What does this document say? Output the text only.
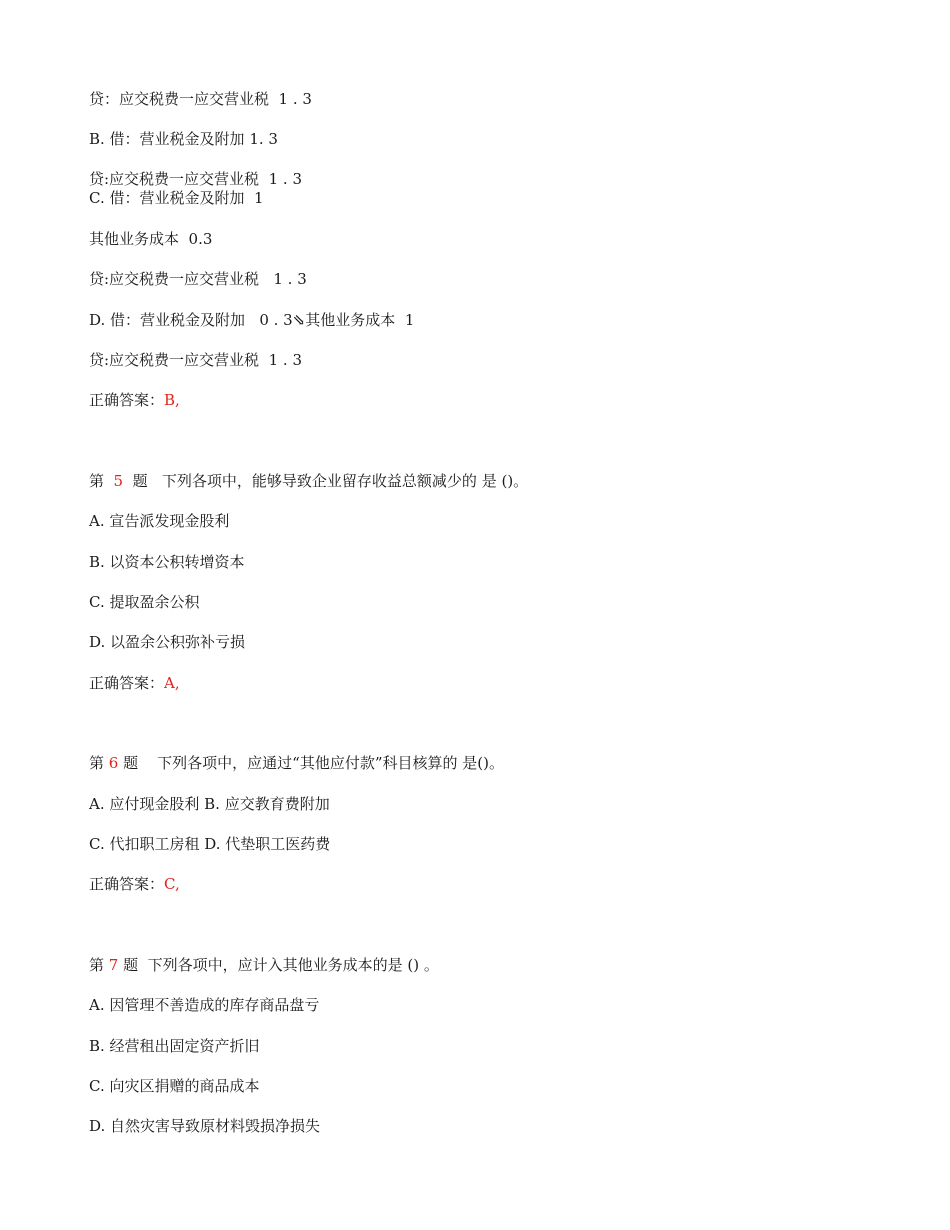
贷：应交税费一应交营业税  1 . 3
B. 借：营业税金及附加 1. 3
贷:应交税费一应交营业税  1 . 3
C. 借：营业税金及附加  1
其他业务成本  0.3
贷:应交税费一应交营业税   1 . 3
D. 借：营业税金及附加   0 . 3⇘其他业务成本  1
贷:应交税费一应交营业税  1 . 3
正确答案：B,
第  5  题   下列各项中，能够导致企业留存收益总额减少的 是 ()。
A. 宣告派发现金股利
B. 以资本公积转增资本
C. 提取盈余公积
D. 以盈余公积弥补亏损
正确答案：A,
第 6 题    下列各项中，应通过“其他应付款”科目核算的 是()。
A. 应付现金股利 B. 应交教育费附加
C. 代扣职工房租 D. 代垫职工医药费
正确答案：C,
第 7 题  下列各项中，应计入其他业务成本的是 () 。
A. 因管理不善造成的库存商品盘亏
B. 经营租出固定资产折旧
C. 向灾区捐赠的商品成本
D. 自然灾害导致原材料毁损净损失
